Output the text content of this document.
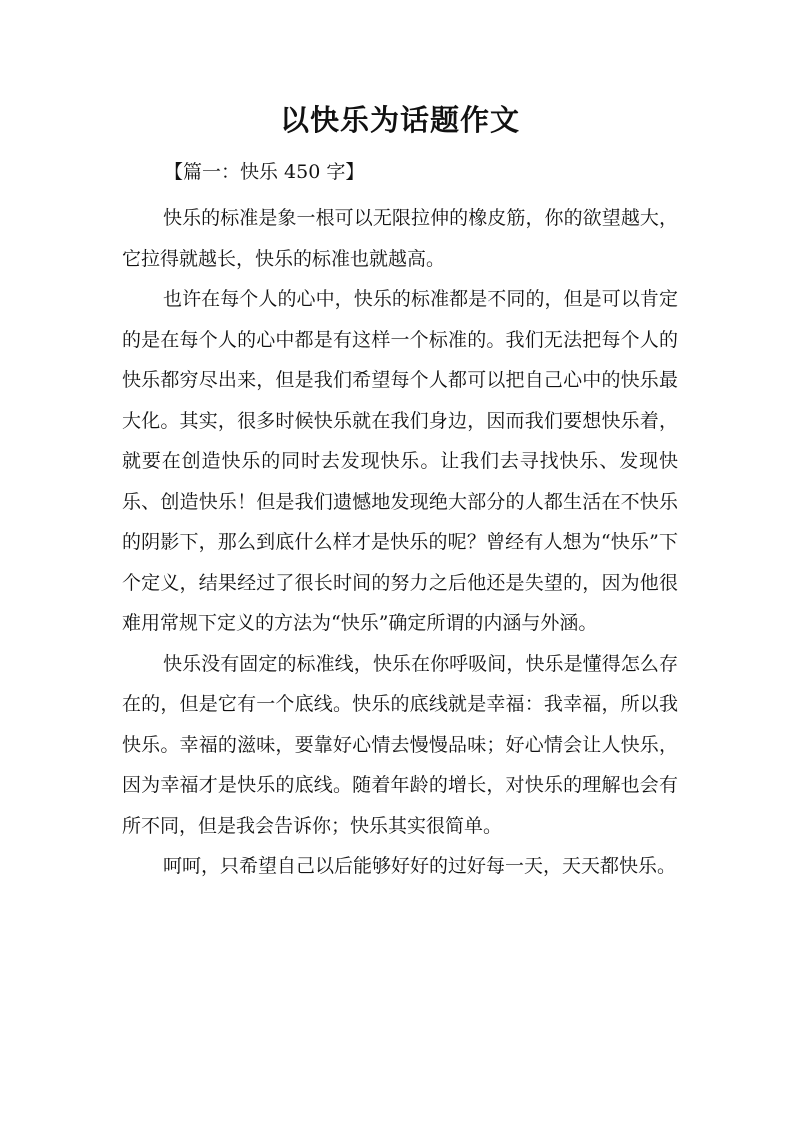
以快乐为话题作文

【篇一：快乐 450 字】

快乐的标准是象一根可以无限拉伸的橡皮筋，你的欲望越大，它拉得就越长，快乐的标准也就越高。

也许在每个人的心中，快乐的标准都是不同的，但是可以肯定的是在每个人的心中都是有这样一个标准的。我们无法把每个人的快乐都穷尽出来，但是我们希望每个人都可以把自己心中的快乐最大化。其实，很多时候快乐就在我们身边，因而我们要想快乐着，就要在创造快乐的同时去发现快乐。让我们去寻找快乐、发现快乐、创造快乐！但是我们遗憾地发现绝大部分的人都生活在不快乐的阴影下，那么到底什么样才是快乐的呢？曾经有人想为“快乐”下个定义，结果经过了很长时间的努力之后他还是失望的，因为他很难用常规下定义的方法为“快乐”确定所谓的内涵与外涵。

快乐没有固定的标准线，快乐在你呼吸间，快乐是懂得怎么存在的，但是它有一个底线。快乐的底线就是幸福：我幸福，所以我快乐。幸福的滋味，要靠好心情去慢慢品味；好心情会让人快乐，因为幸福才是快乐的底线。随着年龄的增长，对快乐的理解也会有所不同，但是我会告诉你；快乐其实很简单。

呵呵，只希望自己以后能够好好的过好每一天，天天都快乐。
